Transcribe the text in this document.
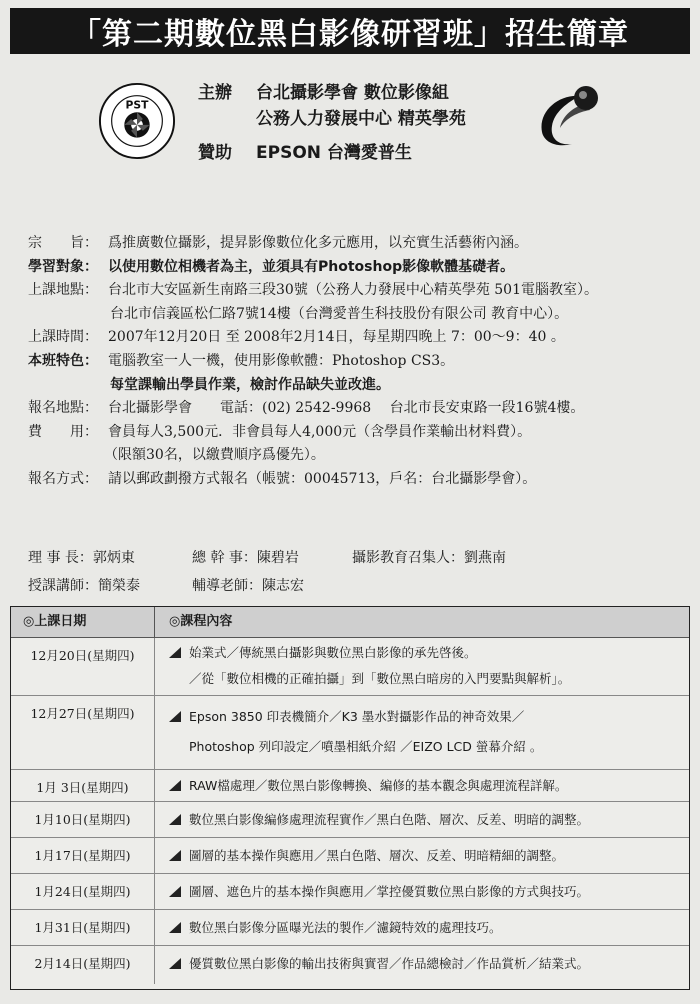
「第二期數位黑白影像研習班」招生簡章
PST
主辦	台北攝影學會 數位影像組
公務人力發展中心 精英學苑
贊助	EPSON 台灣愛普生
宗　　旨： 爲推廣數位攝影，提昇影像數位化多元應用，以充實生活藝術內涵。
學習對象： 以使用數位相機者為主，並須具有Photoshop影像軟體基礎者。
上課地點： 台北市大安區新生南路三段30號（公務人力發展中心精英學苑 501電腦教室）。
台北市信義區松仁路7號14樓（台灣愛普生科技股份有限公司 教育中心）。
上課時間： 2007年12月20日 至 2008年2月14日，每星期四晚上 7：00～9：40 。
本班特色： 電腦教室一人一機，使用影像軟體：Photoshop CS3。
每堂課輸出學員作業，檢討作品缺失並改進。
報名地點： 台北攝影學會　　電話：(02) 2542-9968　 台北市長安東路一段16號4樓。
費　　用： 會員每人3,500元．非會員每人4,000元（含學員作業輸出材料費）。
（限額30名，以繳費順序爲優先）。
報名方式： 請以郵政劃撥方式報名（帳號：00045713，戶名：台北攝影學會）。
理 事 長：郭炳東	總 幹 事：陳碧岩	攝影教育召集人：劉燕南
授課講師：簡榮泰	輔導老師：陳志宏
◎上課日期	◎課程內容
12月20日(星期四)	始業式／傳統黑白攝影與數位黑白影像的承先啓後。
／從「數位相機的正確拍攝」到「數位黑白暗房的入門要點與解析」。
12月27日(星期四)	Epson 3850 印表機簡介／K3 墨水對攝影作品的神奇效果／
Photoshop 列印設定／噴墨相紙介紹 ／EIZO LCD 螢幕介紹 。
1月 3日(星期四)	RAW檔處理／數位黑白影像轉換、編修的基本觀念與處理流程詳解。
1月10日(星期四)	數位黑白影像編修處理流程實作／黑白色階、層次、反差、明暗的調整。
1月17日(星期四)	圖層的基本操作與應用／黑白色階、層次、反差、明暗精細的調整。
1月24日(星期四)	圖層、遮色片的基本操作與應用／掌控優質數位黑白影像的方式與技巧。
1月31日(星期四)	數位黑白影像分區曝光法的製作／濾鏡特效的處理技巧。
2月14日(星期四)	優質數位黑白影像的輸出技術與實習／作品總檢討／作品賞析／結業式。
